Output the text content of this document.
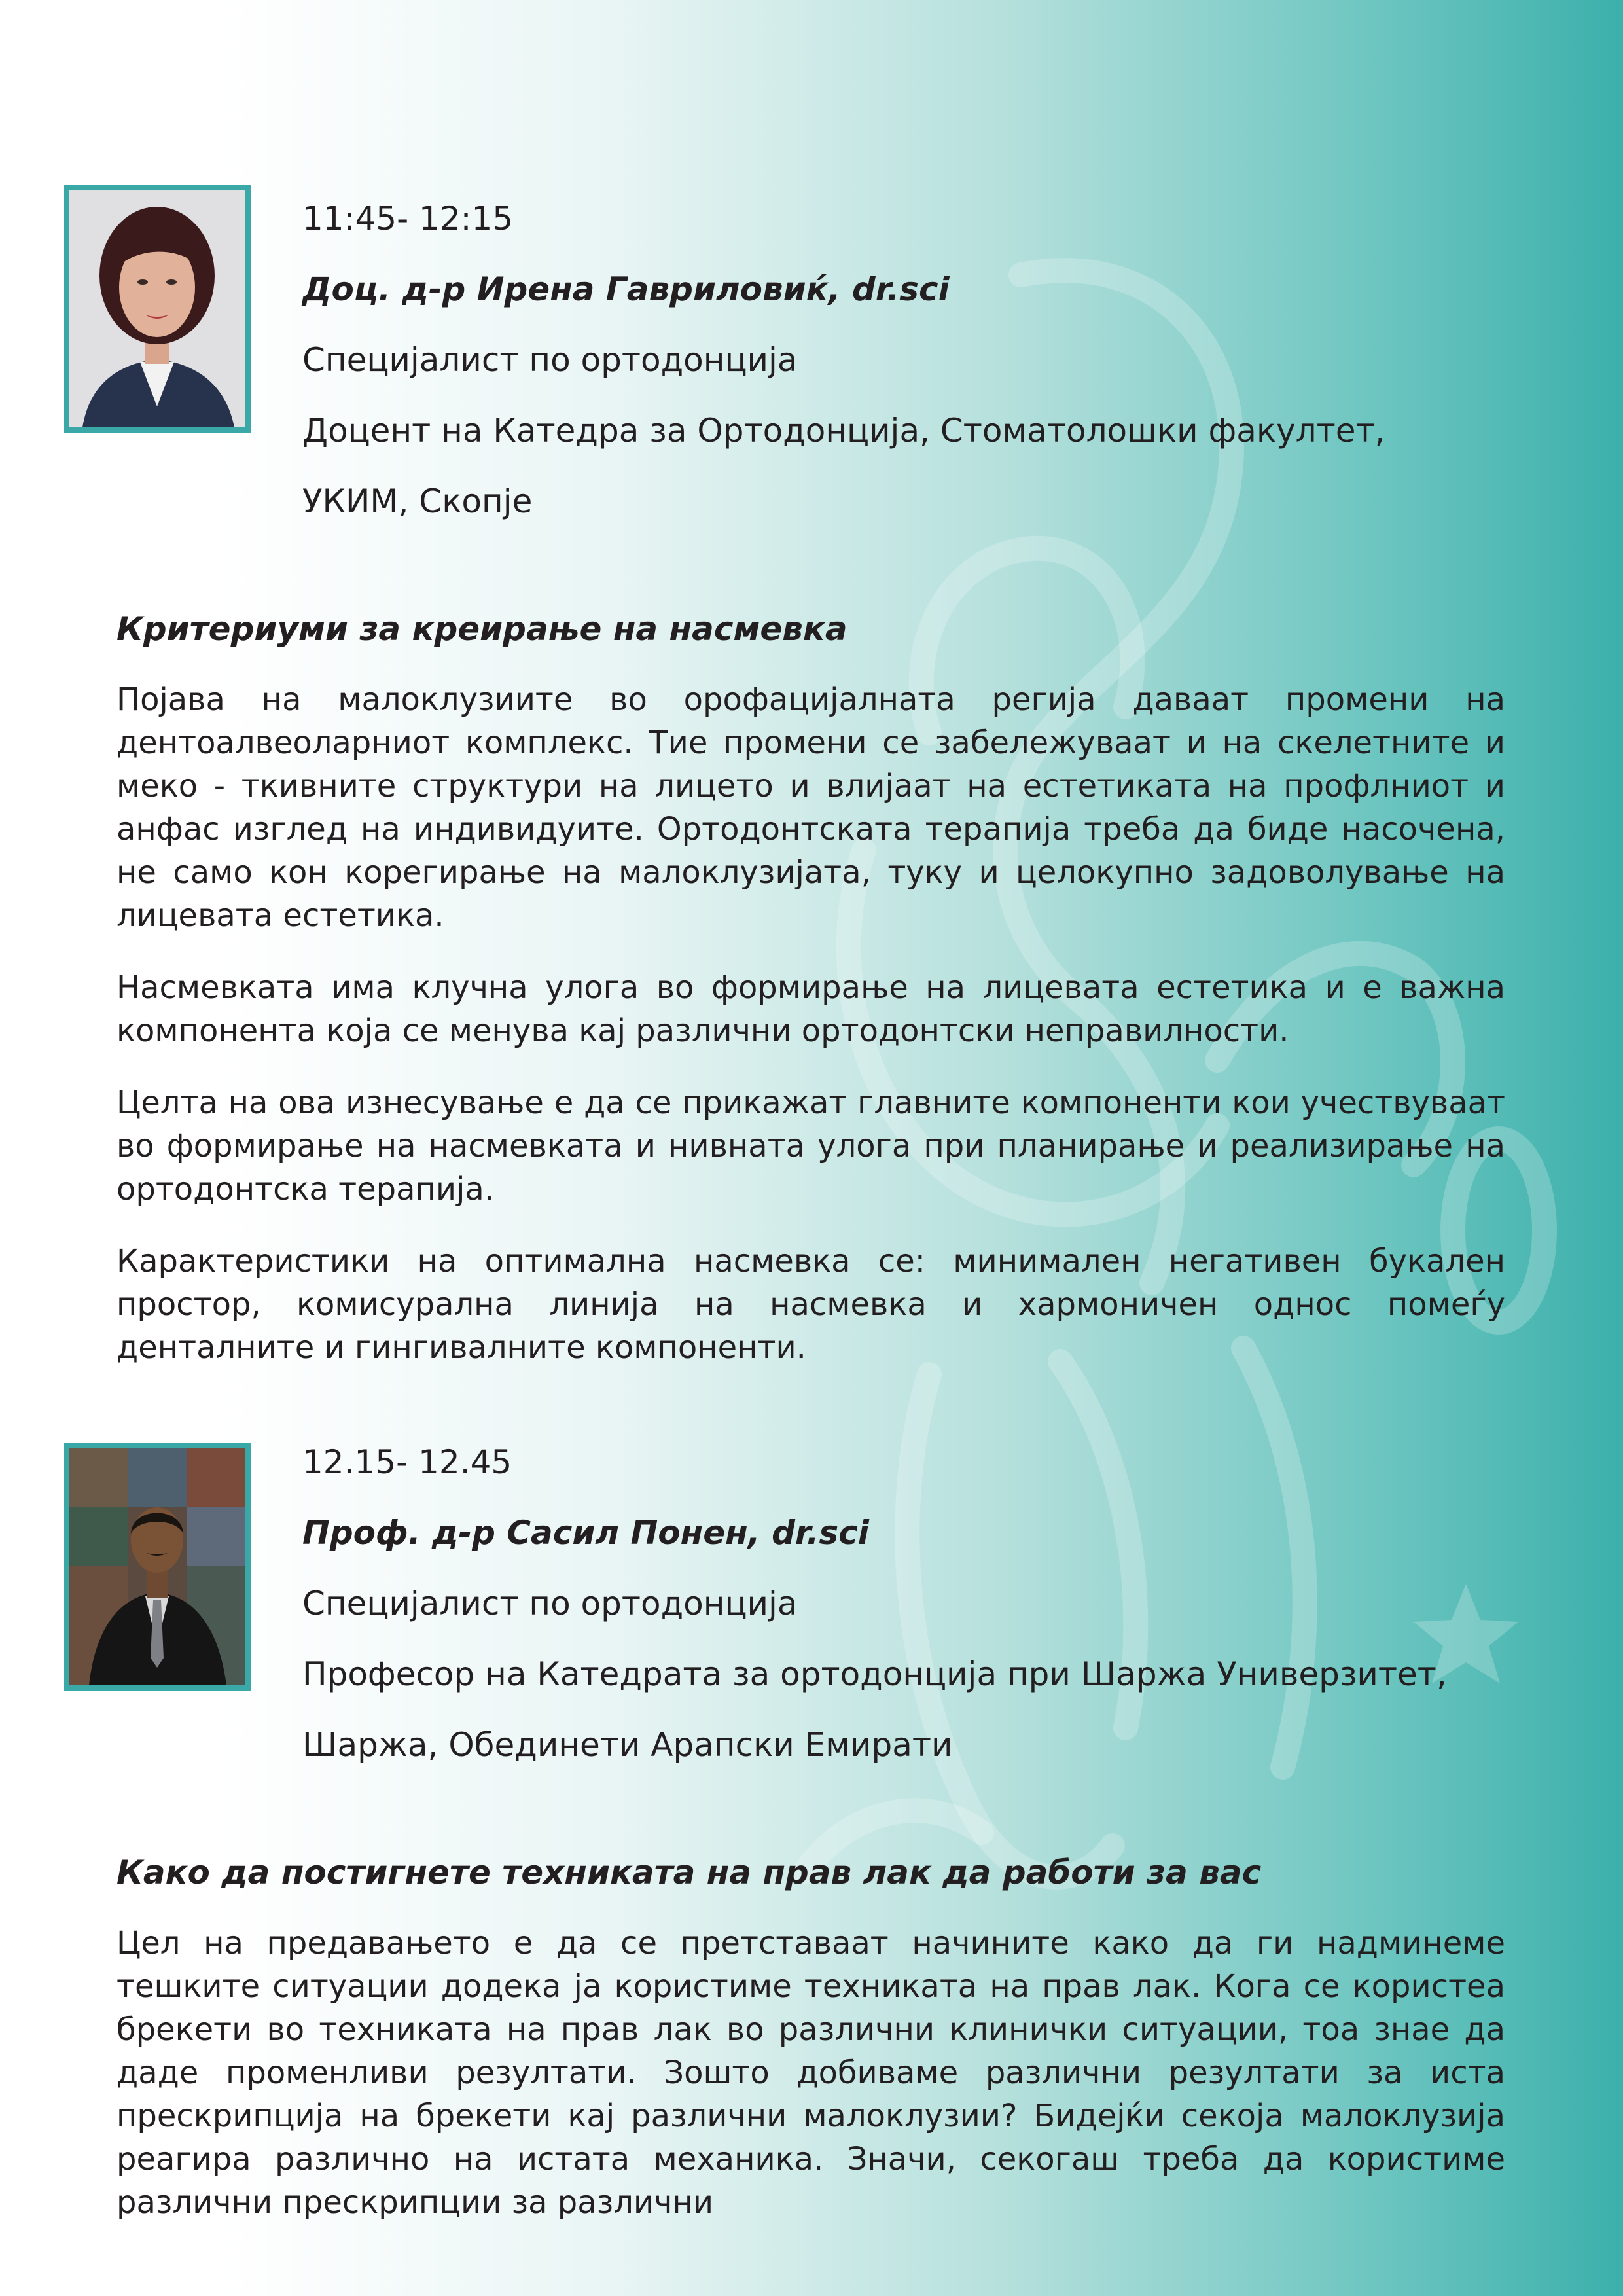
11:45- 12:15
Доц. д-р Ирена Гавриловиќ, dr.sci
Специјалист по ортодонција
Доцент на Катедра за Ортодонција, Стоматолошки факултет,
УКИМ, Скопје
Критериуми за креирање на насмевка

Појава на малоклузиите во орофацијалната регија даваат промени на дентоалвеоларниот комплекс. Тие промени се забележуваат и на скелетните и меко - ткивните структури на лицето и влијаат на естетиката на профлниот и анфас изглед на индивидуите. Ортодонтската терапија треба да биде насочена, не само кон корегирање на малоклузијата, туку и целокупно задоволување на лицевата естетика.

Насмевката има клучна улога во формирање на лицевата естетика и е важна компонента која се менува кај различни ортодонтски неправилности.

Целта на ова изнесување е да се прикажат главните компоненти кои учествуваат во формирање на насмевката и нивната улога при планирање и реализирање на ортодонтска терапија.

Карактеристики на оптимална насмевка се: минимален негативен букален простор, комисурална линија на насмевка и хармоничен однос помеѓу денталните и гингивалните компоненти.

12.15- 12.45
Проф. д-р Сасил Понен, dr.sci
Специјалист по ортодонција
Професор на Катедрата за ортодонција при Шаржа Универзитет,
Шаржа, Обединети Арапски Емирати
Како да постигнете техниката на прав лак да работи за вас

Цел на предавањето е да се претставаат начините како да ги надминеме тешките ситуации додека ја користиме техниката на прав лак. Кога се користеа брекети во техниката на прав лак во различни клинички ситуации, тоа знае да даде променливи резултати. Зошто добиваме различни резултати за иста прескрипција на брекети кај различни малоклузии? Бидејќи секоја малоклузија реагира различно на истата механика. Значи, секогаш треба да користиме различни прескрипции за различни
